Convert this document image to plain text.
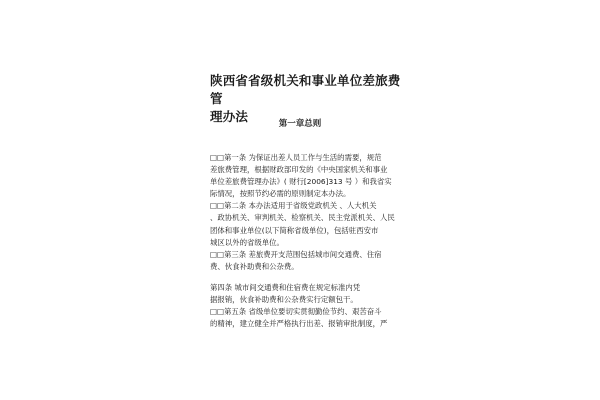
陕西省省级机关和事业单位差旅费管
理办法	第一章总则

□□第一条 为保证出差人员工作与生活的需要，规范
差旅费管理，根据财政部印发的《中央国家机关和事业
单位差旅费管理办法》( 财行[2006]313 号 ）和我省实
际情况，按照节约必需的原则制定本办法。

□□第二条 本办法适用于省级党政机关 、人大机关
、政协机关、审判机关、检察机关、民主党派机关、人民
团体和事业单位(以下简称省级单位)，包括驻西安市
城区以外的省级单位。

□□第三条 差旅费开支范围包括城市间交通费、住宿
费、伙食补助费和公杂费。

第四条 城市间交通费和住宿费在规定标准内凭
据报销，伙食补助费和公杂费实行定额包干。

□□第五条 省级单位要切实贯彻勤俭节约、艰苦奋斗
的精神，建立健全并严格执行出差、报销审批制度，严
